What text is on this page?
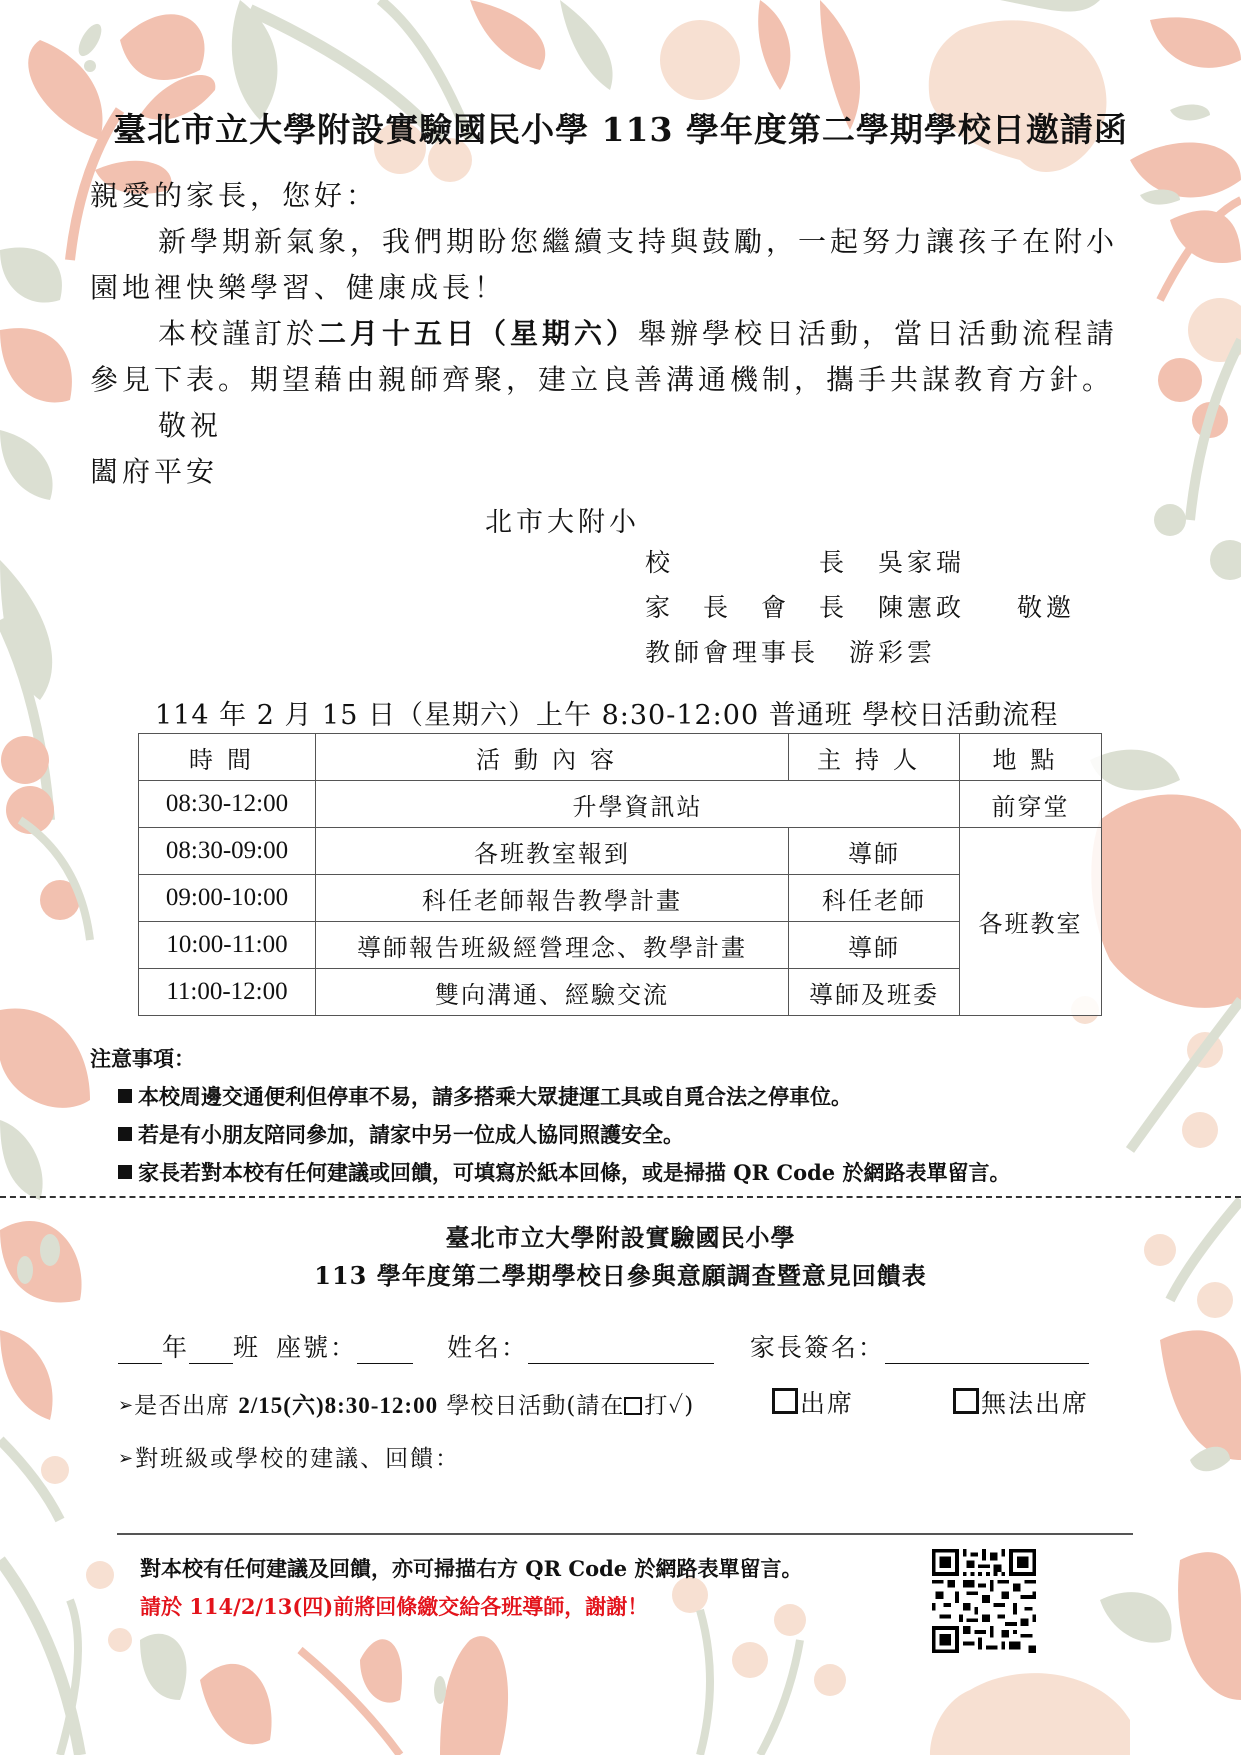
臺北市立大學附設實驗國民小學 113 學年度第二學期學校日邀請函
親愛的家長，您好：
新學期新氣象，我們期盼您繼續支持與鼓勵，一起努力讓孩子在附小
園地裡快樂學習、健康成長！
本校謹訂於二月十五日（星期六）舉辦學校日活動，當日活動流程請
參見下表。期望藉由親師齊聚，建立良善溝通機制，攜手共謀教育方針。
敬祝
闔府平安
北市大附小
校　　　　　長 吳家瑞
家　長　會　長 陳憲政 敬邀
教師會理事長 游彩雲
114 年 2 月 15 日（星期六）上午 8:30-12:00 普通班 學校日活動流程
時間	活動內容	主持人	地點
08:30-12:00	升學資訊站		前穿堂
08:30-09:00	各班教室報到	導師	各班教室
09:00-10:00	科任老師報告教學計畫	科任老師	
10:00-11:00	導師報告班級經營理念、教學計畫	導師	
11:00-12:00	雙向溝通、經驗交流	導師及班委	
注意事項：
本校周邊交通便利但停車不易，請多搭乘大眾捷運工具或自覓合法之停車位。
若是有小朋友陪同參加，請家中另一位成人協同照護安全。
家長若對本校有任何建議或回饋，可填寫於紙本回條，或是掃描 QR Code 於網路表單留言。
臺北市立大學附設實驗國民小學
113 學年度第二學期學校日參與意願調查暨意見回饋表
年 班 座號：	姓名：	家長簽名：
➢是否出席 2/15(六)8:30-12:00 學校日活動(請在 打✓)	出席	無法出席
➢對班級或學校的建議、回饋：
對本校有任何建議及回饋，亦可掃描右方 QR Code 於網路表單留言。
請於 114/2/13(四)前將回條繳交給各班導師，謝謝！
